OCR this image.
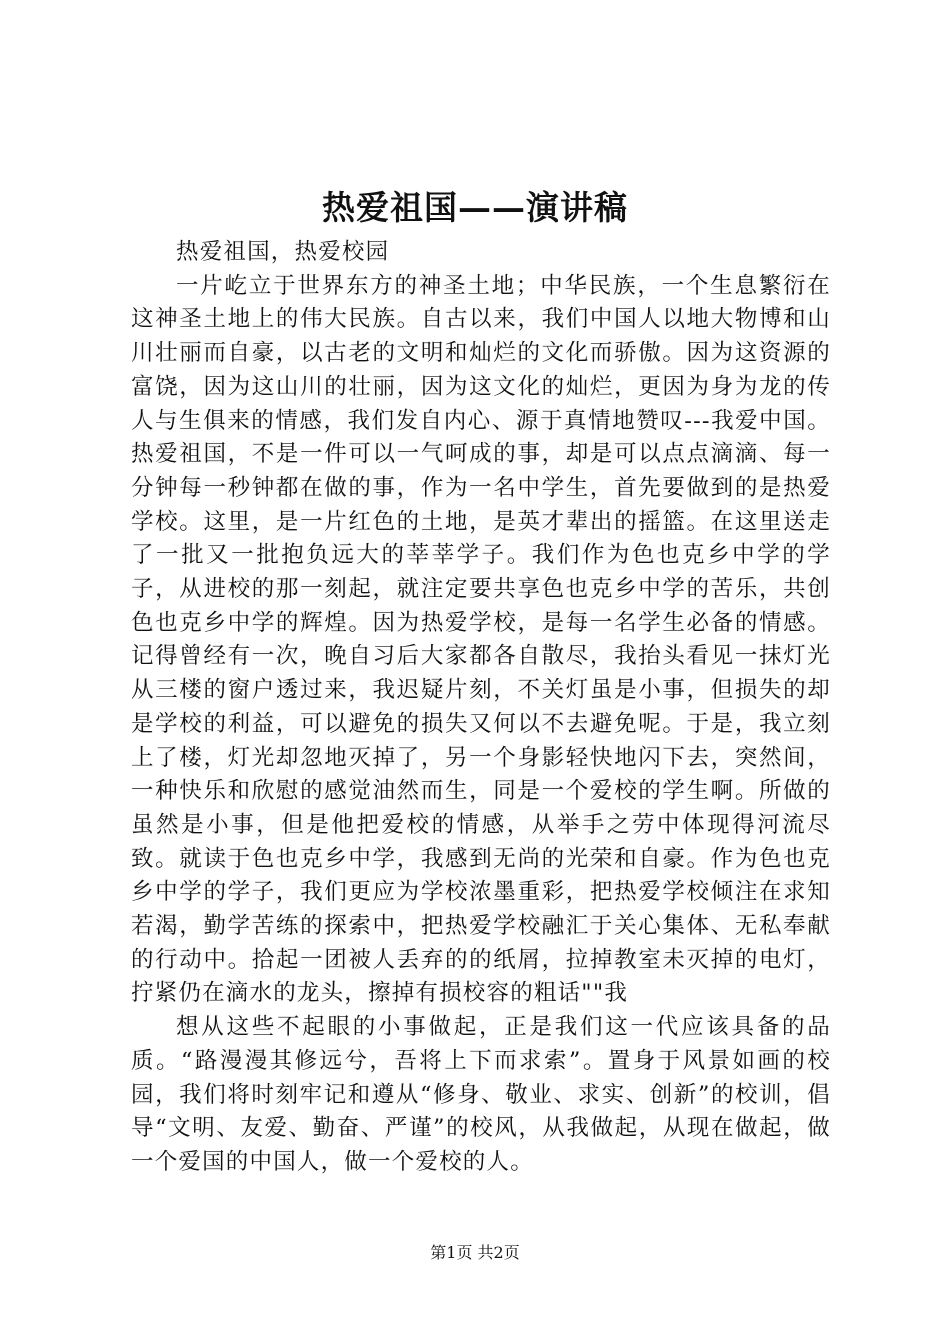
热爱祖国——演讲稿

热爱祖国，热爱校园

一片屹立于世界东方的神圣土地；中华民族，一个生息繁衍在这神圣土地上的伟大民族。自古以来，我们中国人以地大物博和山川壮丽而自豪，以古老的文明和灿烂的文化而骄傲。因为这资源的富饶，因为这山川的壮丽，因为这文化的灿烂，更因为身为龙的传人与生俱来的情感，我们发自内心、源于真情地赞叹---我爱中国。热爱祖国，不是一件可以一气呵成的事，却是可以点点滴滴、每一分钟每一秒钟都在做的事，作为一名中学生，首先要做到的是热爱学校。这里，是一片红色的土地，是英才辈出的摇篮。在这里送走了一批又一批抱负远大的莘莘学子。我们作为色也克乡中学的学子，从进校的那一刻起，就注定要共享色也克乡中学的苦乐，共创色也克乡中学的辉煌。因为热爱学校，是每一名学生必备的情感。记得曾经有一次，晚自习后大家都各自散尽，我抬头看见一抹灯光从三楼的窗户透过来，我迟疑片刻，不关灯虽是小事，但损失的却是学校的利益，可以避免的损失又何以不去避免呢。于是，我立刻上了楼，灯光却忽地灭掉了，另一个身影轻快地闪下去，突然间，一种快乐和欣慰的感觉油然而生，同是一个爱校的学生啊。所做的虽然是小事，但是他把爱校的情感，从举手之劳中体现得河流尽致。就读于色也克乡中学，我感到无尚的光荣和自豪。作为色也克乡中学的学子，我们更应为学校浓墨重彩，把热爱学校倾注在求知若渴，勤学苦练的探索中，把热爱学校融汇于关心集体、无私奉献的行动中。拾起一团被人丢弃的的纸屑，拉掉教室未灭掉的电灯，拧紧仍在滴水的龙头，擦掉有损校容的粗话""我

想从这些不起眼的小事做起，正是我们这一代应该具备的品质。“路漫漫其修远兮，吾将上下而求索”。置身于风景如画的校园，我们将时刻牢记和遵从“修身、敬业、求实、创新”的校训，倡导“文明、友爱、勤奋、严谨”的校风，从我做起，从现在做起，做一个爱国的中国人，做一个爱校的人。

第1页 共2页
